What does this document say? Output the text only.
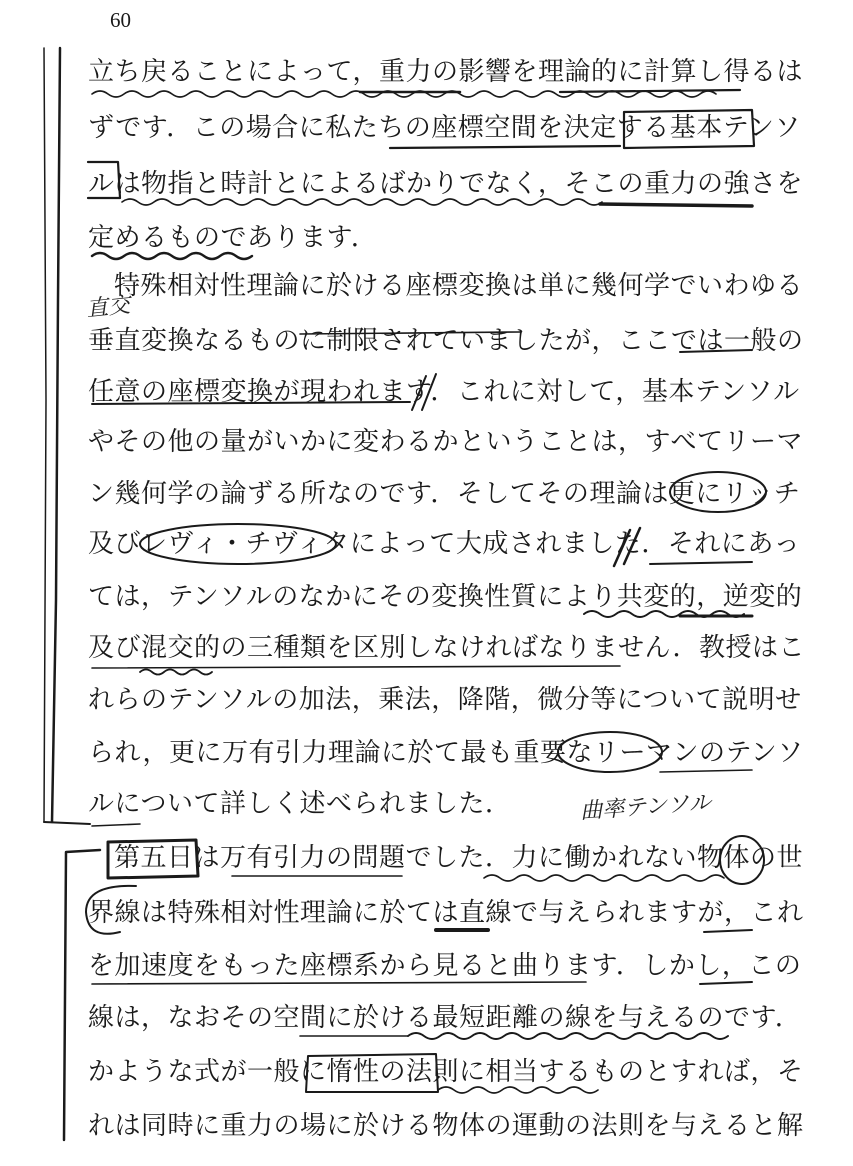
60
立ち戻ることによって，重力の影響を理論的に計算し得るは
ずです．この場合に私たちの座標空間を決定する基本テンソ
ルは物指と時計とによるばかりでなく，そこの重力の強さを
定めるものであります．
特殊相対性理論に於ける座標変換は単に幾何学でいわゆる
垂直変換なるものに制限されていましたが，ここでは一般の
任意の座標変換が現われます．これに対して，基本テンソル
やその他の量がいかに変わるかということは，すべてリーマ
ン幾何学の論ずる所なのです．そしてその理論は更にリッチ
及びレヴィ・チヴィタによって大成されました．それにあっ
ては，テンソルのなかにその変換性質により共変的，逆変的
及び混交的の三種類を区別しなければなりません．教授はこ
れらのテンソルの加法，乗法，降階，微分等について説明せ
られ，更に万有引力理論に於て最も重要なリーマンのテンソ
ルについて詳しく述べられました．
第五日は万有引力の問題でした．力に働かれない物体の世
界線は特殊相対性理論に於ては直線で与えられますが，これ
を加速度をもった座標系から見ると曲ります．しかし，この
線は，なおその空間に於ける最短距離の線を与えるのです．
かような式が一般に惰性の法則に相当するものとすれば，そ
れは同時に重力の場に於ける物体の運動の法則を与えると解
直交
曲率テンソル
